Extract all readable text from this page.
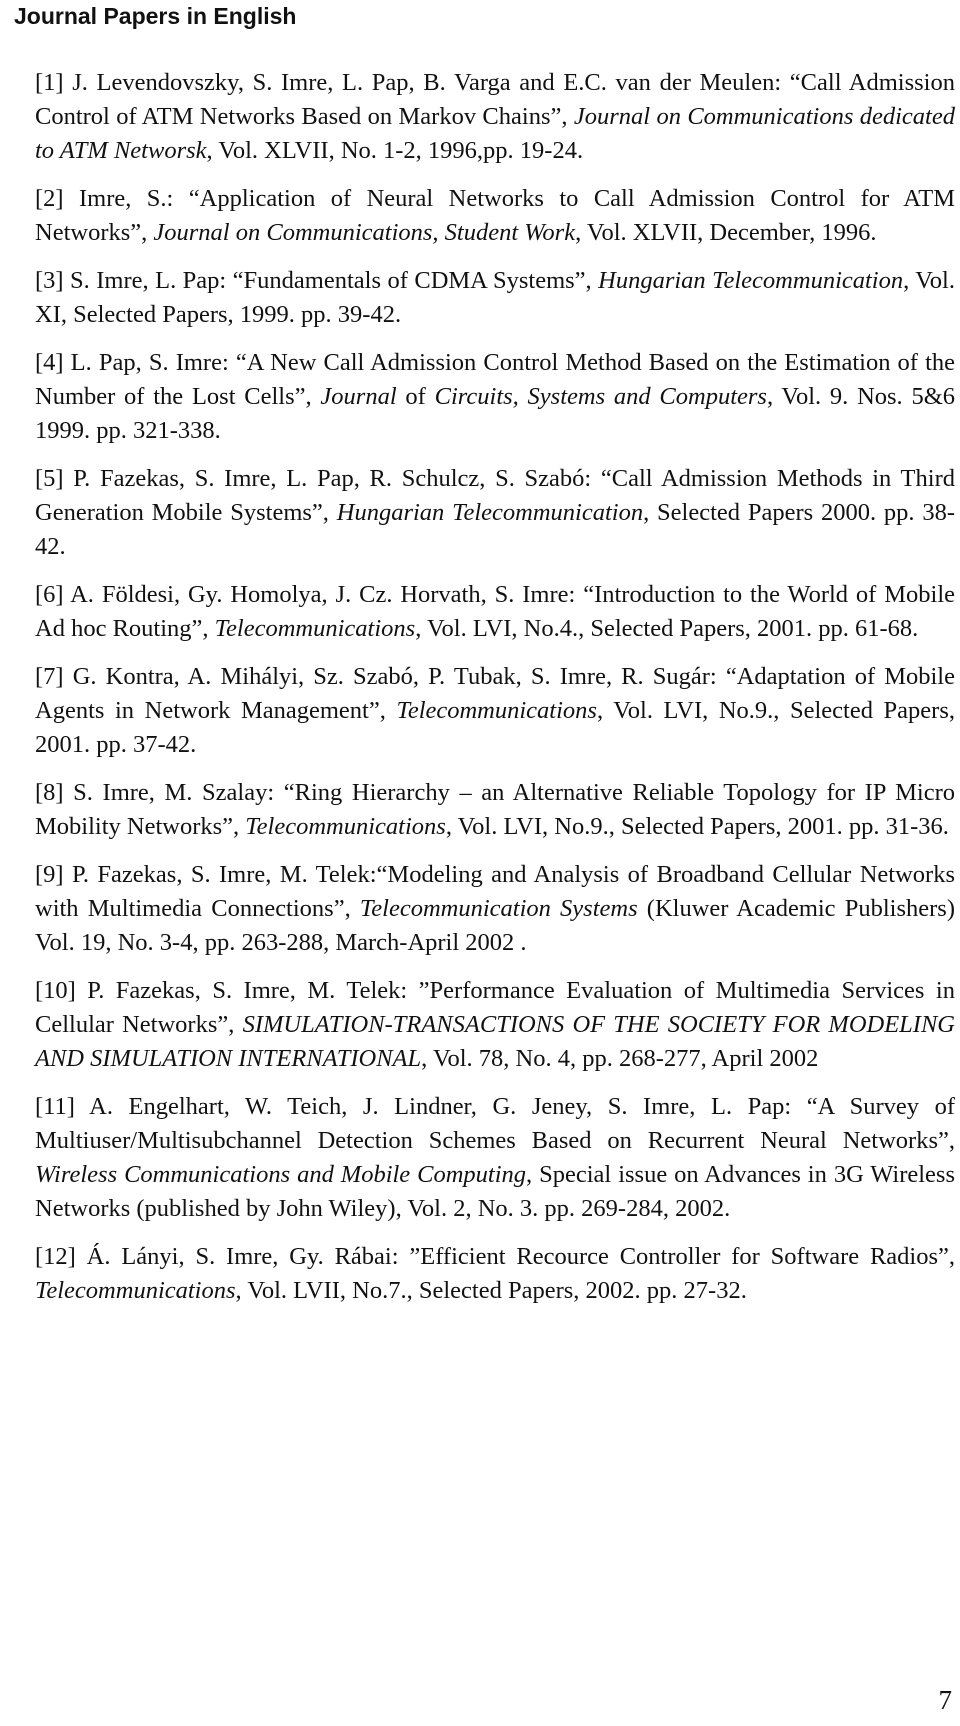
Journal Papers in English
[1] J. Levendovszky, S. Imre, L. Pap, B. Varga and E.C. van der Meulen: “Call Admission Control of ATM Networks Based on Markov Chains”, Journal on Communications dedicated to ATM Networsk, Vol. XLVII, No. 1-2, 1996,pp. 19-24.
[2] Imre, S.: “Application of Neural Networks to Call Admission Control for ATM Networks”, Journal on Communications, Student Work, Vol. XLVII, December, 1996.
[3] S. Imre, L. Pap: “Fundamentals of CDMA Systems”, Hungarian Telecommunication, Vol. XI, Selected Papers, 1999. pp. 39-42.
[4] L. Pap, S. Imre: “A New Call Admission Control Method Based on the Estimation of the Number of the Lost Cells”, Journal of Circuits, Systems and Computers, Vol. 9. Nos. 5&6 1999. pp. 321-338.
[5] P. Fazekas, S. Imre, L. Pap, R. Schulcz, S. Szabó: “Call Admission Methods in Third Generation Mobile Systems”, Hungarian Telecommunication, Selected Papers 2000. pp. 38-42.
[6] A. Földesi, Gy. Homolya, J. Cz. Horvath, S. Imre: “Introduction to the World of Mobile Ad hoc Routing”, Telecommunications, Vol. LVI, No.4., Selected Papers, 2001. pp. 61-68.
[7] G. Kontra, A. Mihályi, Sz. Szabó, P. Tubak, S. Imre, R. Sugár: “Adaptation of Mobile Agents in Network Management”, Telecommunications, Vol. LVI, No.9., Selected Papers, 2001. pp. 37-42.
[8] S. Imre, M. Szalay: “Ring Hierarchy – an Alternative Reliable Topology for IP Micro Mobility Networks”, Telecommunications, Vol. LVI, No.9., Selected Papers, 2001. pp. 31-36.
[9] P. Fazekas, S. Imre, M. Telek:“Modeling and Analysis of Broadband Cellular Networks with Multimedia Connections”, Telecommunication Systems (Kluwer Academic Publishers) Vol. 19, No. 3-4, pp. 263-288, March-April 2002 .
[10] P. Fazekas, S. Imre, M. Telek: ”Performance Evaluation of Multimedia Services in Cellular Networks”, SIMULATION-TRANSACTIONS OF THE SOCIETY FOR MODELING AND SIMULATION INTERNATIONAL, Vol. 78, No. 4, pp. 268-277, April 2002
[11] A. Engelhart, W. Teich, J. Lindner, G. Jeney, S. Imre, L. Pap: “A Survey of Multiuser/Multisubchannel Detection Schemes Based on Recurrent Neural Networks”, Wireless Communications and Mobile Computing, Special issue on Advances in 3G Wireless Networks (published by John Wiley), Vol. 2, No. 3. pp. 269-284, 2002.
[12] Á. Lányi, S. Imre, Gy. Rábai: ”Efficient Recource Controller for Software Radios”, Telecommunications, Vol. LVII, No.7., Selected Papers, 2002. pp. 27-32.
7
